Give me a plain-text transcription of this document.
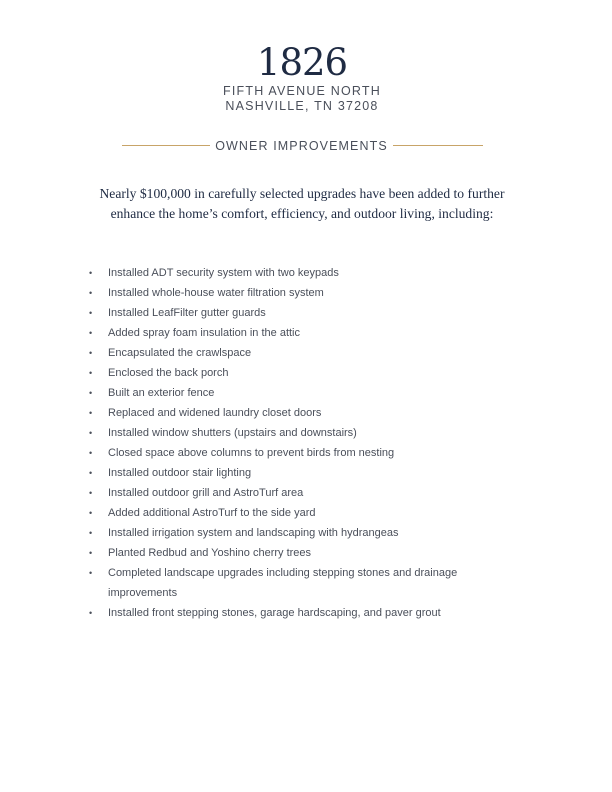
1826
FIFTH AVENUE NORTH
NASHVILLE, TN 37208
OWNER IMPROVEMENTS
Nearly $100,000 in carefully selected upgrades have been added to further enhance the home’s comfort, efficiency, and outdoor living, including:
• Installed ADT security system with two keypads
• Installed whole-house water filtration system
• Installed LeafFilter gutter guards
• Added spray foam insulation in the attic
• Encapsulated the crawlspace
• Enclosed the back porch
• Built an exterior fence
• Replaced and widened laundry closet doors
• Installed window shutters (upstairs and downstairs)
• Closed space above columns to prevent birds from nesting
• Installed outdoor stair lighting
• Installed outdoor grill and AstroTurf area
• Added additional AstroTurf to the side yard
• Installed irrigation system and landscaping with hydrangeas
• Planted Redbud and Yoshino cherry trees
• Completed landscape upgrades including stepping stones and drainage improvements
• Installed front stepping stones, garage hardscaping, and paver grout
